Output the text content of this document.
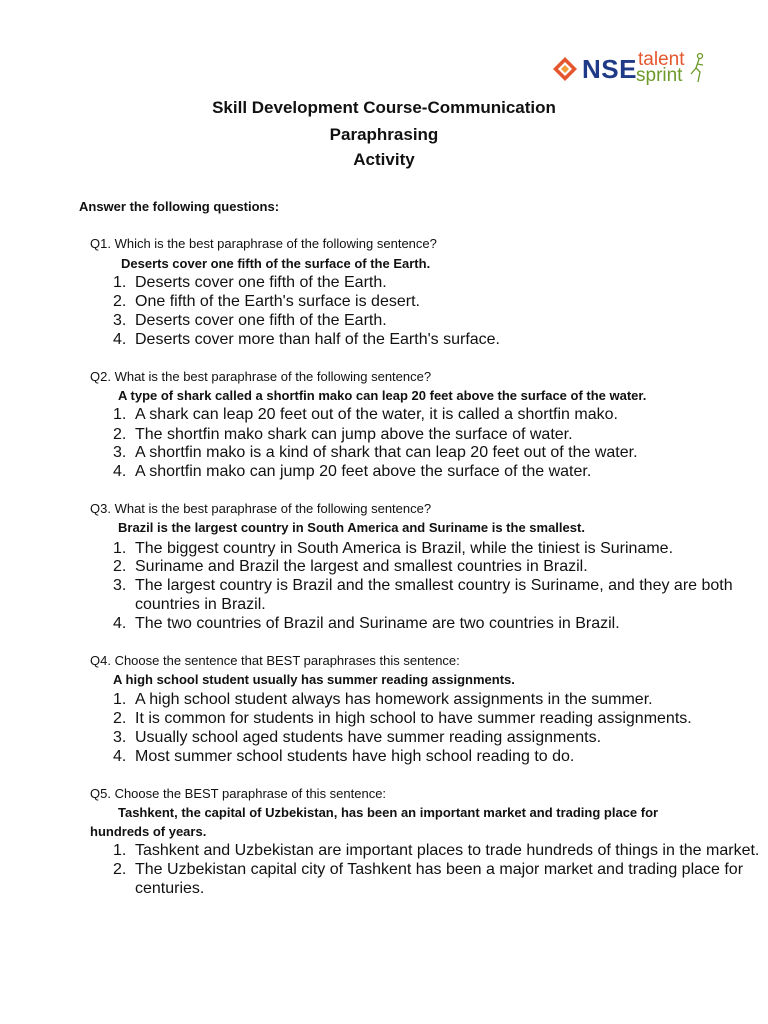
NSE talent
sprint
Skill Development Course-Communication
Paraphrasing
Activity
Answer the following questions:
Q1. Which is the best paraphrase of the following sentence?
Deserts cover one fifth of the surface of the Earth.
1. Deserts cover one fifth of the Earth.
2. One fifth of the Earth's surface is desert.
3. Deserts cover one fifth of the Earth.
4. Deserts cover more than half of the Earth's surface.
Q2. What is the best paraphrase of the following sentence?
A type of shark called a shortfin mako can leap 20 feet above the surface of the water.
1. A shark can leap 20 feet out of the water, it is called a shortfin mako.
2. The shortfin mako shark can jump above the surface of water.
3. A shortfin mako is a kind of shark that can leap 20 feet out of the water.
4. A shortfin mako can jump 20 feet above the surface of the water.
Q3. What is the best paraphrase of the following sentence?
Brazil is the largest country in South America and Suriname is the smallest.
1. The biggest country in South America is Brazil, while the tiniest is Suriname.
2. Suriname and Brazil the largest and smallest countries in Brazil.
3. The largest country is Brazil and the smallest country is Suriname, and they are both
countries in Brazil.
4. The two countries of Brazil and Suriname are two countries in Brazil.
Q4. Choose the sentence that BEST paraphrases this sentence:
A high school student usually has summer reading assignments.
1. A high school student always has homework assignments in the summer.
2. It is common for students in high school to have summer reading assignments.
3. Usually school aged students have summer reading assignments.
4. Most summer school students have high school reading to do.
Q5. Choose the BEST paraphrase of this sentence:
Tashkent, the capital of Uzbekistan, has been an important market and trading place for
hundreds of years.
1. Tashkent and Uzbekistan are important places to trade hundreds of things in the market.
2. The Uzbekistan capital city of Tashkent has been a major market and trading place for
centuries.
